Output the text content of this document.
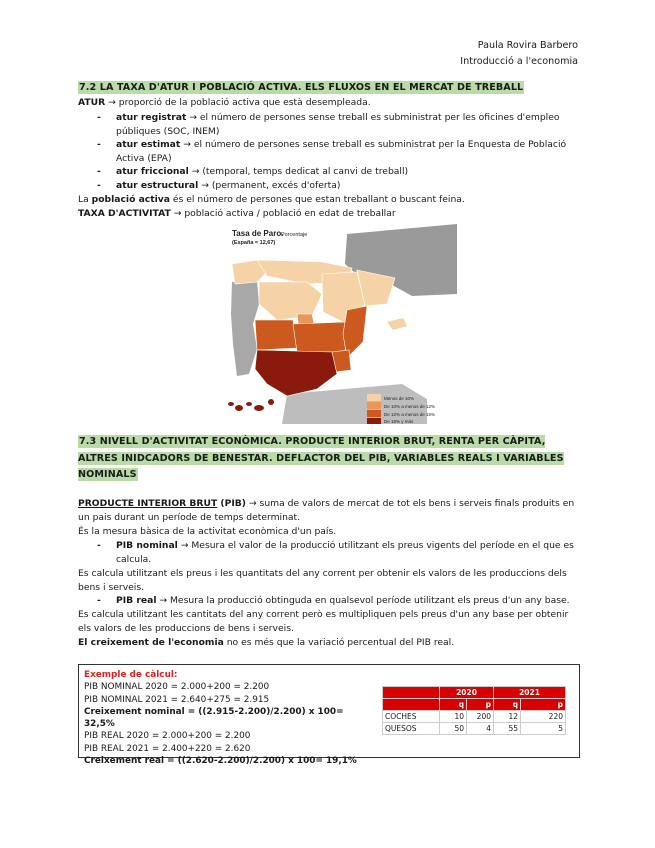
Paula Rovira Barbero
Introducció a l'economia
7.2 LA TAXA D'ATUR I POBLACIÓ ACTIVA. ELS FLUXOS EN EL MERCAT DE TREBALL
ATUR → proporció de la població activa que està desempleada.
- atur registrat → el número de persones sense treball es subministrat per les oficines d'empleo públiques (SOC, INEM)
- atur estimat → el número de persones sense treball es subministrat per la Enquesta de Població Activa (EPA)
- atur friccional → (temporal, temps dedicat al canvi de treball)
- atur estructural → (permanent, excés d'oferta)
La població activa és el número de persones que estan treballant o buscant feina.
TAXA D'ACTIVITAT → població activa / població en edat de treballar
Tasa de Paro.
Porcentaje
(España = 12,67)
Menos de 10%
De 10% a menos de 12%
De 12% a menos de 15%
De 15% y más
7.3 NIVELL D'ACTIVITAT ECONÒMICA. PRODUCTE INTERIOR BRUT, RENTA PER CÀPITA, ALTRES INIDCADORS DE BENESTAR. DEFLACTOR DEL PIB, VARIABLES REALS I VARIABLES NOMINALS
PRODUCTE INTERIOR BRUT (PIB) → suma de valors de mercat de tot els bens i serveis finals produits en un pais durant un període de temps determinat.
És la mesura bàsica de la activitat econòmica d'un país.
- PIB nominal → Mesura el valor de la producció utilitzant els preus vigents del període en el que es calcula.
Es calcula utilitzant els preus i les quantitats del any corrent per obtenir els valors de les produccions dels bens i serveis.
- PIB real → Mesura la producció obtinguda en qualsevol període utilitzant els preus d'un any base.
Es calcula utilitzant les cantitats del any corrent però es multipliquen pels preus d'un any base per obtenir els valors de les produccions de bens i serveis.
El creixement de l'economia no es més que la variació percentual del PIB real.
Exemple de càlcul:
PIB NOMINAL 2020 = 2.000+200 = 2.200
PIB NOMINAL 2021 = 2.640+275 = 2.915
Creixement nominal = ((2.915-2.200)/2.200) x 100= 32,5%
PIB REAL 2020 = 2.000+200 = 2.200
PIB REAL 2021 = 2.400+220 = 2.620
Creixement real = ((2.620-2.200)/2.200) x 100= 19,1%
	2020		2021	
	q	p	q	p
COCHES	10	200	12	220
QUESOS	50	4	55	5
